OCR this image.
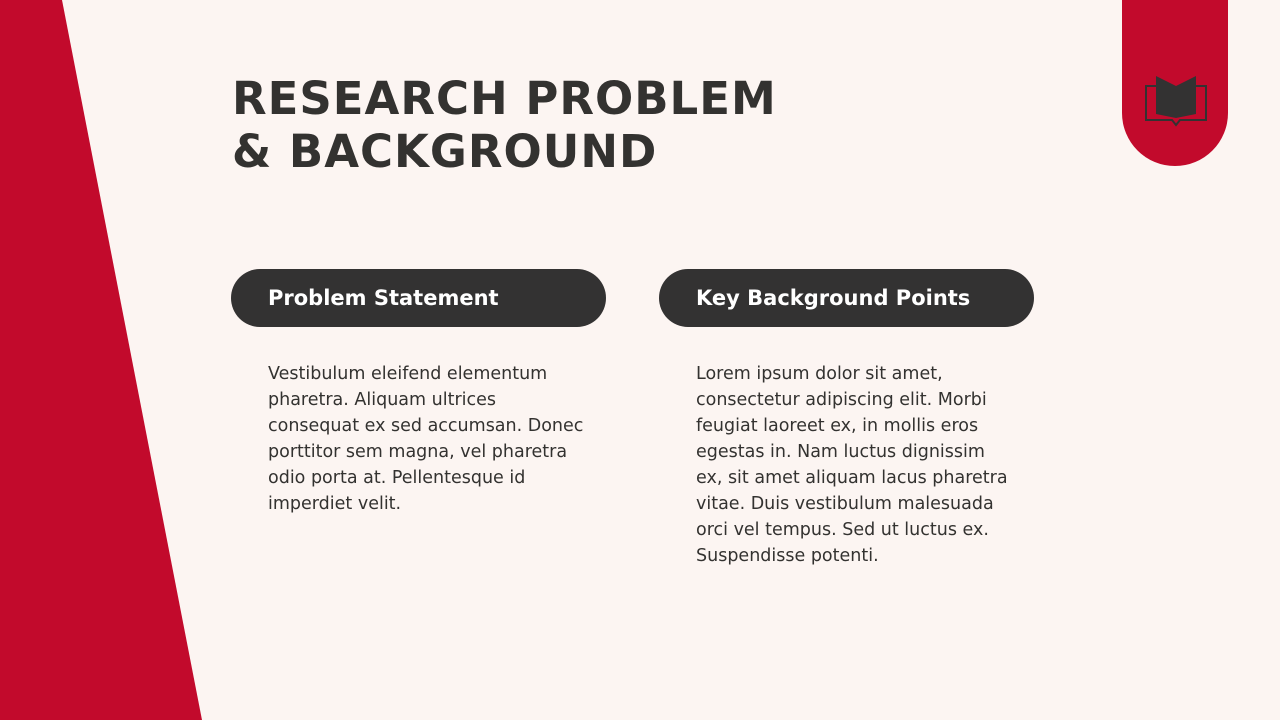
RESEARCH PROBLEM
& BACKGROUND
Problem Statement

Vestibulum eleifend elementum pharetra. Aliquam ultrices consequat ex sed accumsan. Donec porttitor sem magna, vel pharetra odio porta at. Pellentesque id imperdiet velit.

Key Background Points

Lorem ipsum dolor sit amet, consectetur adipiscing elit. Morbi feugiat laoreet ex, in mollis eros egestas in. Nam luctus dignissim ex, sit amet aliquam lacus pharetra vitae. Duis vestibulum malesuada orci vel tempus. Sed ut luctus ex. Suspendisse potenti.
